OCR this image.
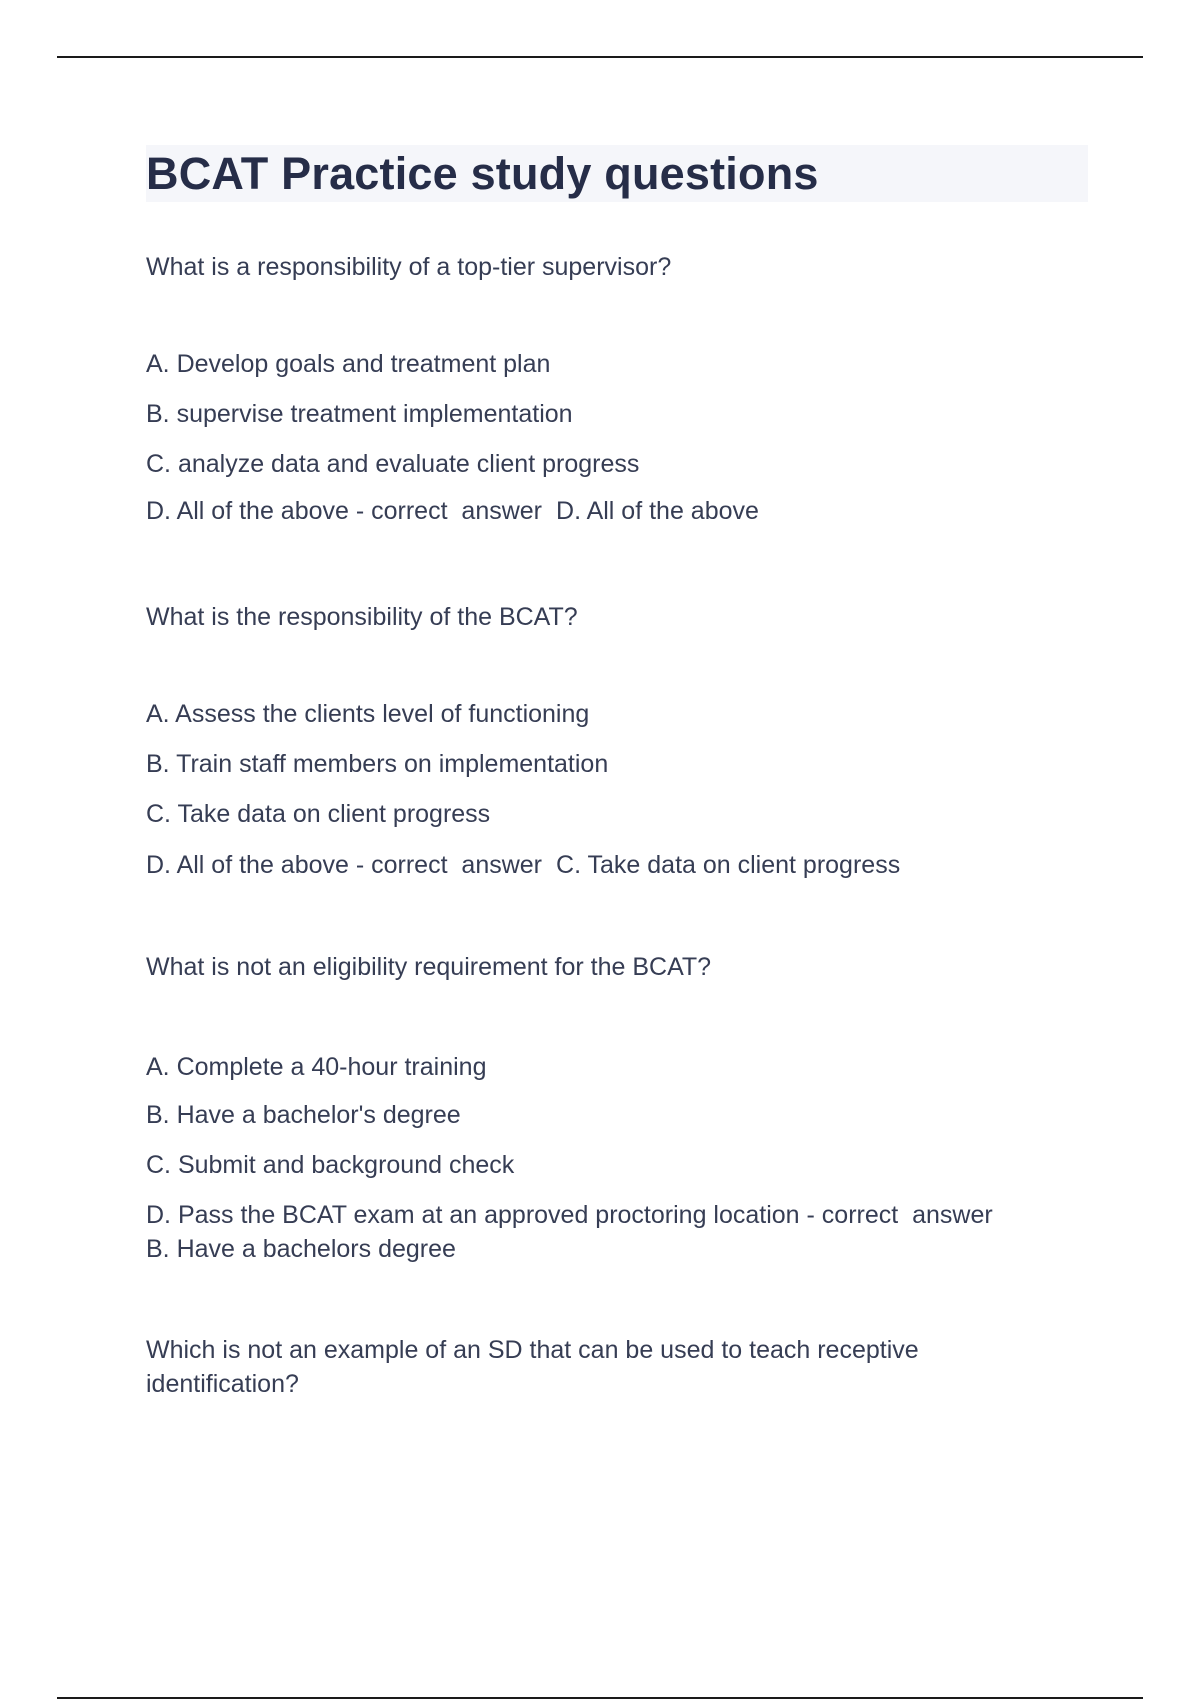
BCAT Practice study questions

What is a responsibility of a top-tier supervisor?

A. Develop goals and treatment plan
B. supervise treatment implementation
C. analyze data and evaluate client progress
D. All of the above - correct  answer D. All of the above

What is the responsibility of the BCAT?

A. Assess the clients level of functioning
B. Train staff members on implementation
C. Take data on client progress
D. All of the above - correct  answer C. Take data on client progress

What is not an eligibility requirement for the BCAT?

A. Complete a 40-hour training
B. Have a bachelor's degree
C. Submit and background check
D. Pass the BCAT exam at an approved proctoring location - correct  answer
B. Have a bachelors degree

Which is not an example of an SD that can be used to teach receptive identification?
